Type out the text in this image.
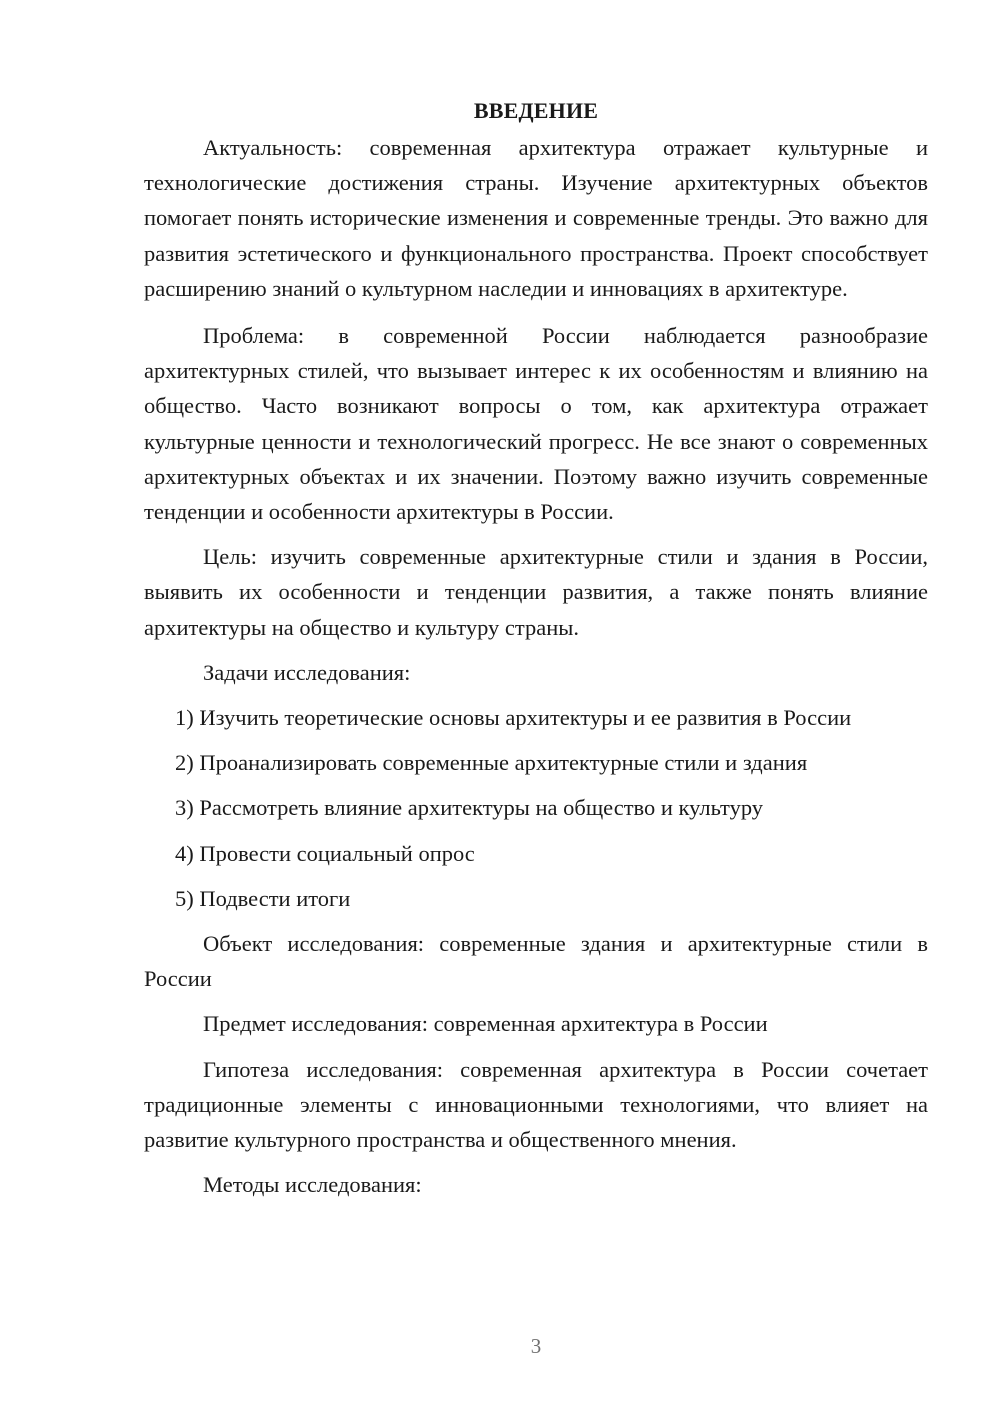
ВВЕДЕНИЕ

Актуальность: современная архитектура отражает культурные и технологические достижения страны. Изучение архитектурных объектов помогает понять исторические изменения и современные тренды. Это важно для развития эстетического и функционального пространства. Проект способствует расширению знаний о культурном наследии и инновациях в архитектуре.

Проблема: в современной России наблюдается разнообразие архитектурных стилей, что вызывает интерес к их особенностям и влиянию на общество. Часто возникают вопросы о том, как архитектура отражает культурные ценности и технологический прогресс. Не все знают о современных архитектурных объектах и их значении. Поэтому важно изучить современные тенденции и особенности архитектуры в России.

Цель: изучить современные архитектурные стили и здания в России, выявить их особенности и тенденции развития, а также понять влияние архитектуры на общество и культуру страны.

Задачи исследования:

1) Изучить теоретические основы архитектуры и ее развития в России

2) Проанализировать современные архитектурные стили и здания

3) Рассмотреть влияние архитектуры на общество и культуру

4) Провести социальный опрос

5) Подвести итоги

Объект исследования: современные здания и архитектурные стили в России

Предмет исследования: современная архитектура в России

Гипотеза исследования: современная архитектура в России сочетает традиционные элементы с инновационными технологиями, что влияет на развитие культурного пространства и общественного мнения.

Методы исследования:

3
